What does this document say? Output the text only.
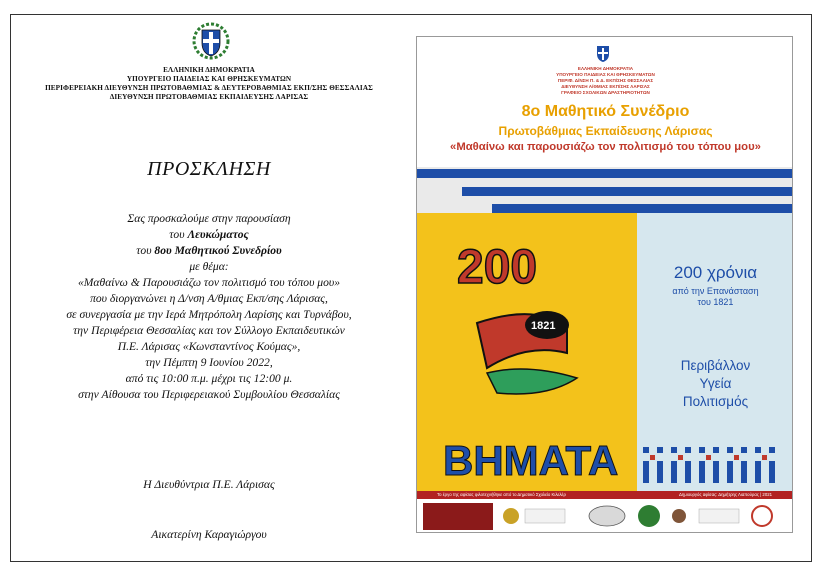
ΕΛΛΗΝΙΚΗ ΔΗΜΟΚΡΑΤΙΑ
ΥΠΟΥΡΓΕΙΟ ΠΑΙΔΕΙΑΣ ΚΑΙ ΘΡΗΣΚΕΥΜΑΤΩΝ
ΠΕΡΙΦΕΡΕΙΑΚΗ ΔΙΕΥΘΥΝΣΗ ΠΡΩΤΟΒΑΘΜΙΑΣ & ΔΕΥΤΕΡΟΒΑΘΜΙΑΣ ΕΚΠ/ΣΗΣ ΘΕΣΣΑΛΙΑΣ
ΔΙΕΥΘΥΝΣΗ ΠΡΩΤΟΒΑΘΜΙΑΣ ΕΚΠΑΙΔΕΥΣΗΣ ΛΑΡΙΣΑΣ
ΠΡΟΣΚΛΗΣΗ
Σας προσκαλούμε στην παρουσίαση
του Λευκώματος
του 8ου Μαθητικού Συνεδρίου
με θέμα:
«Μαθαίνω & Παρουσιάζω τον πολιτισμό του τόπου μου»
που διοργανώνει η Δ/νση Α/θμιας Εκπ/σης Λάρισας,
σε συνεργασία με την Ιερά Μητρόπολη Λαρίσης και Τυρνάβου,
την Περιφέρεια Θεσσαλίας και τον Σύλλογο Εκπαιδευτικών
Π.Ε. Λάρισας «Κωνσταντίνος Κούμας»,
την Πέμπτη 9 Ιουνίου 2022,
από τις 10:00 π.μ. μέχρι τις 12:00 μ.
στην Αίθουσα του Περιφερειακού Συμβουλίου Θεσσαλίας
Η Διευθύντρια Π.Ε. Λάρισας
Αικατερίνη Καραγιώργου
ΕΛΛΗΝΙΚΗ ΔΗΜΟΚΡΑΤΙΑ
ΥΠΟΥΡΓΕΙΟ ΠΑΙΔΕΙΑΣ ΚΑΙ ΘΡΗΣΚΕΥΜΑΤΩΝ
ΠΕΡΙΦ. Δ/ΝΣΗ Π. & Δ. ΕΚΠ/ΣΗΣ ΘΕΣΣΑΛΙΑΣ
ΔΙΕΥΘΥΝΣΗ Α/ΘΜΙΑΣ ΕΚΠ/ΣΗΣ ΛΑΡΙΣΑΣ
ΓΡΑΦΕΙΟ ΣΧΟΛΙΚΩΝ ΔΡΑΣΤΗΡΙΟΤΗΤΩΝ
8ο Μαθητικό Συνέδριο
Πρωτοβάθμιας Εκπαίδευσης Λάρισας
«Μαθαίνω και παρουσιάζω τον πολιτισμό του τόπου μου»
200
1821
ΒΗΜΑΤΑ
200 χρόνια
από την Επανάσταση
του 1821
Περιβάλλον
Υγεία
Πολιτισμός
Το έργο της αφίσας φιλοτεχνήθηκε από το Δημοτικό Σχολείο Κιλελέρ	Δημιουργός αφίσας: Δημήτρης Λιαπούρας | 2021
